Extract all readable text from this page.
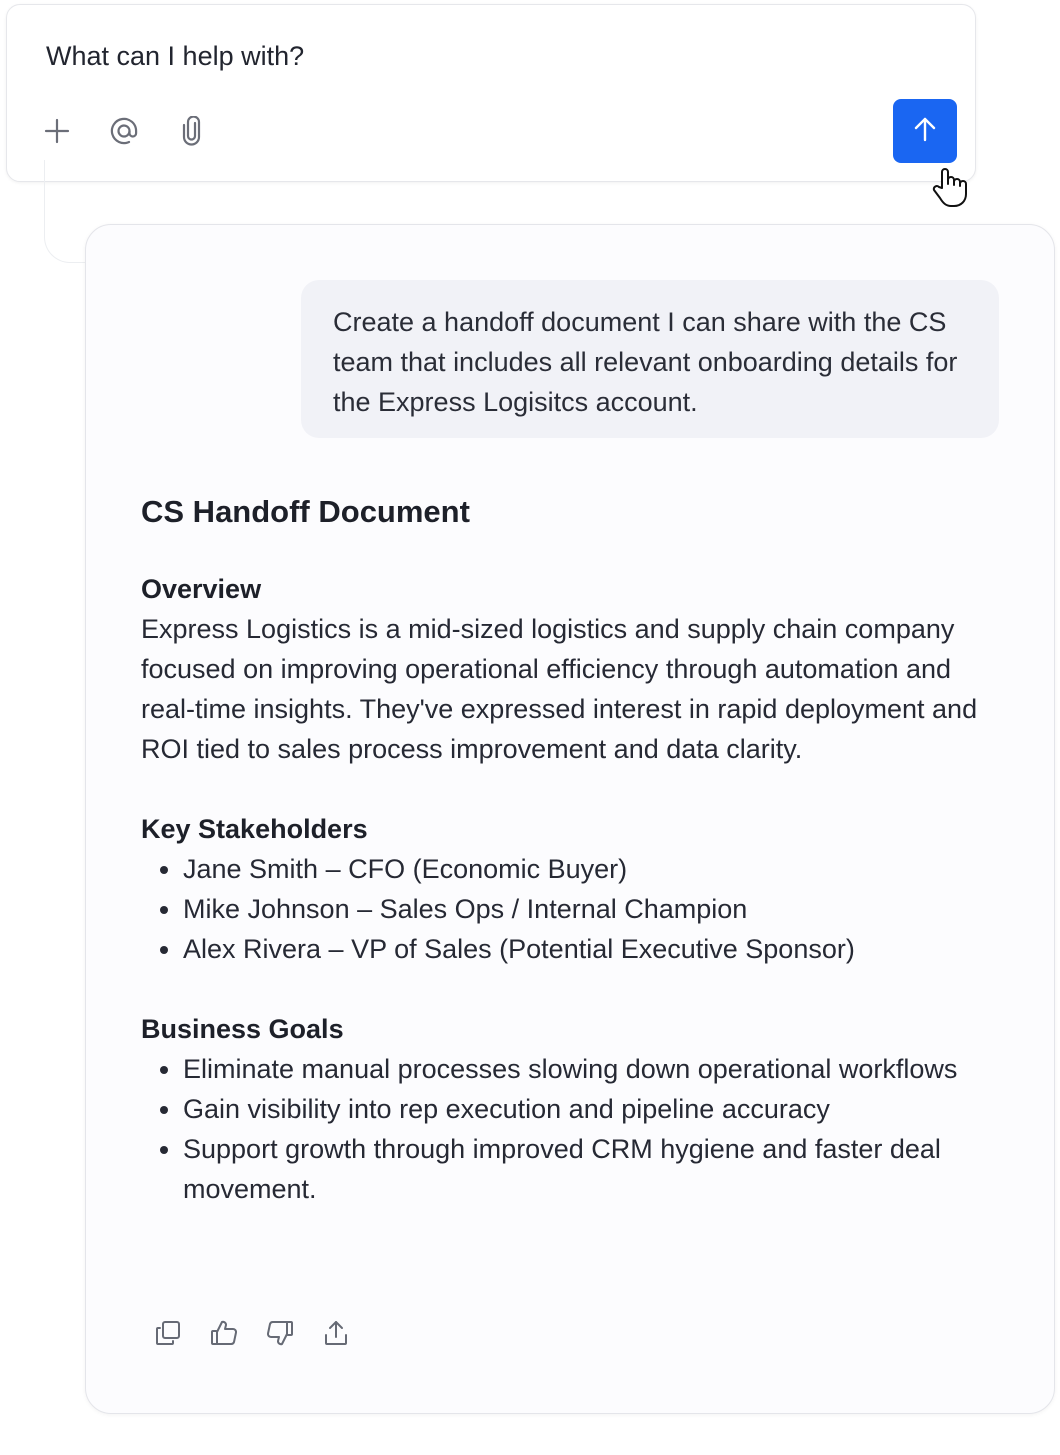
What can I help with?
Create a handoff document I can share with the CS team that includes all relevant onboarding details for the Express Logisitcs account.
CS Handoff Document
Overview

Express Logistics is a mid-sized logistics and supply chain company focused on improving operational efficiency through automation and real-time insights. They've expressed interest in rapid deployment and ROI tied to sales process improvement and data clarity.

Key Stakeholders
• Jane Smith – CFO (Economic Buyer)
• Mike Johnson – Sales Ops / Internal Champion
• Alex Rivera – VP of Sales (Potential Executive Sponsor)
Business Goals
• Eliminate manual processes slowing down operational workflows
• Gain visibility into rep execution and pipeline accuracy
• Support growth through improved CRM hygiene and faster deal movement.
